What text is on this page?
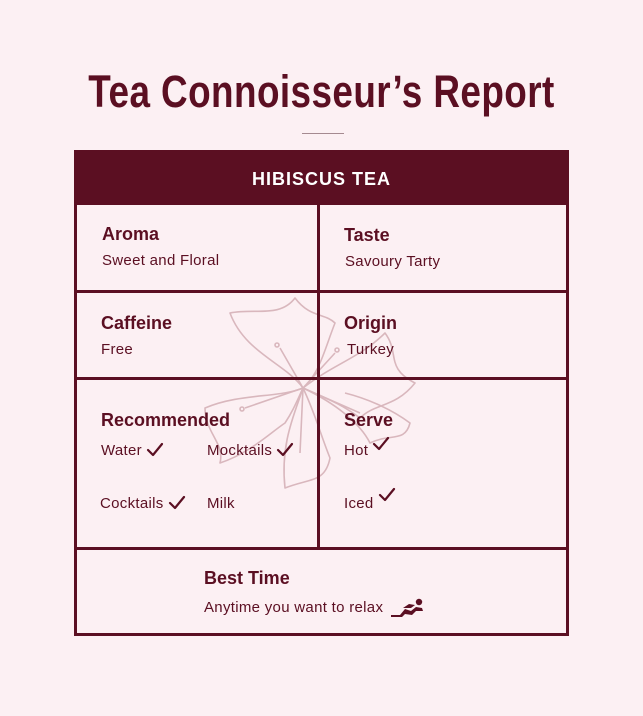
Tea Connoisseur’s Report
HIBISCUS TEA
Aroma
Sweet and Floral
Taste
Savoury Tarty
Caffeine
Free
Origin
Turkey
Recommended
Water	Mocktails
Cocktails	Milk
Serve
Hot
Iced
Best Time
Anytime you want to relax
